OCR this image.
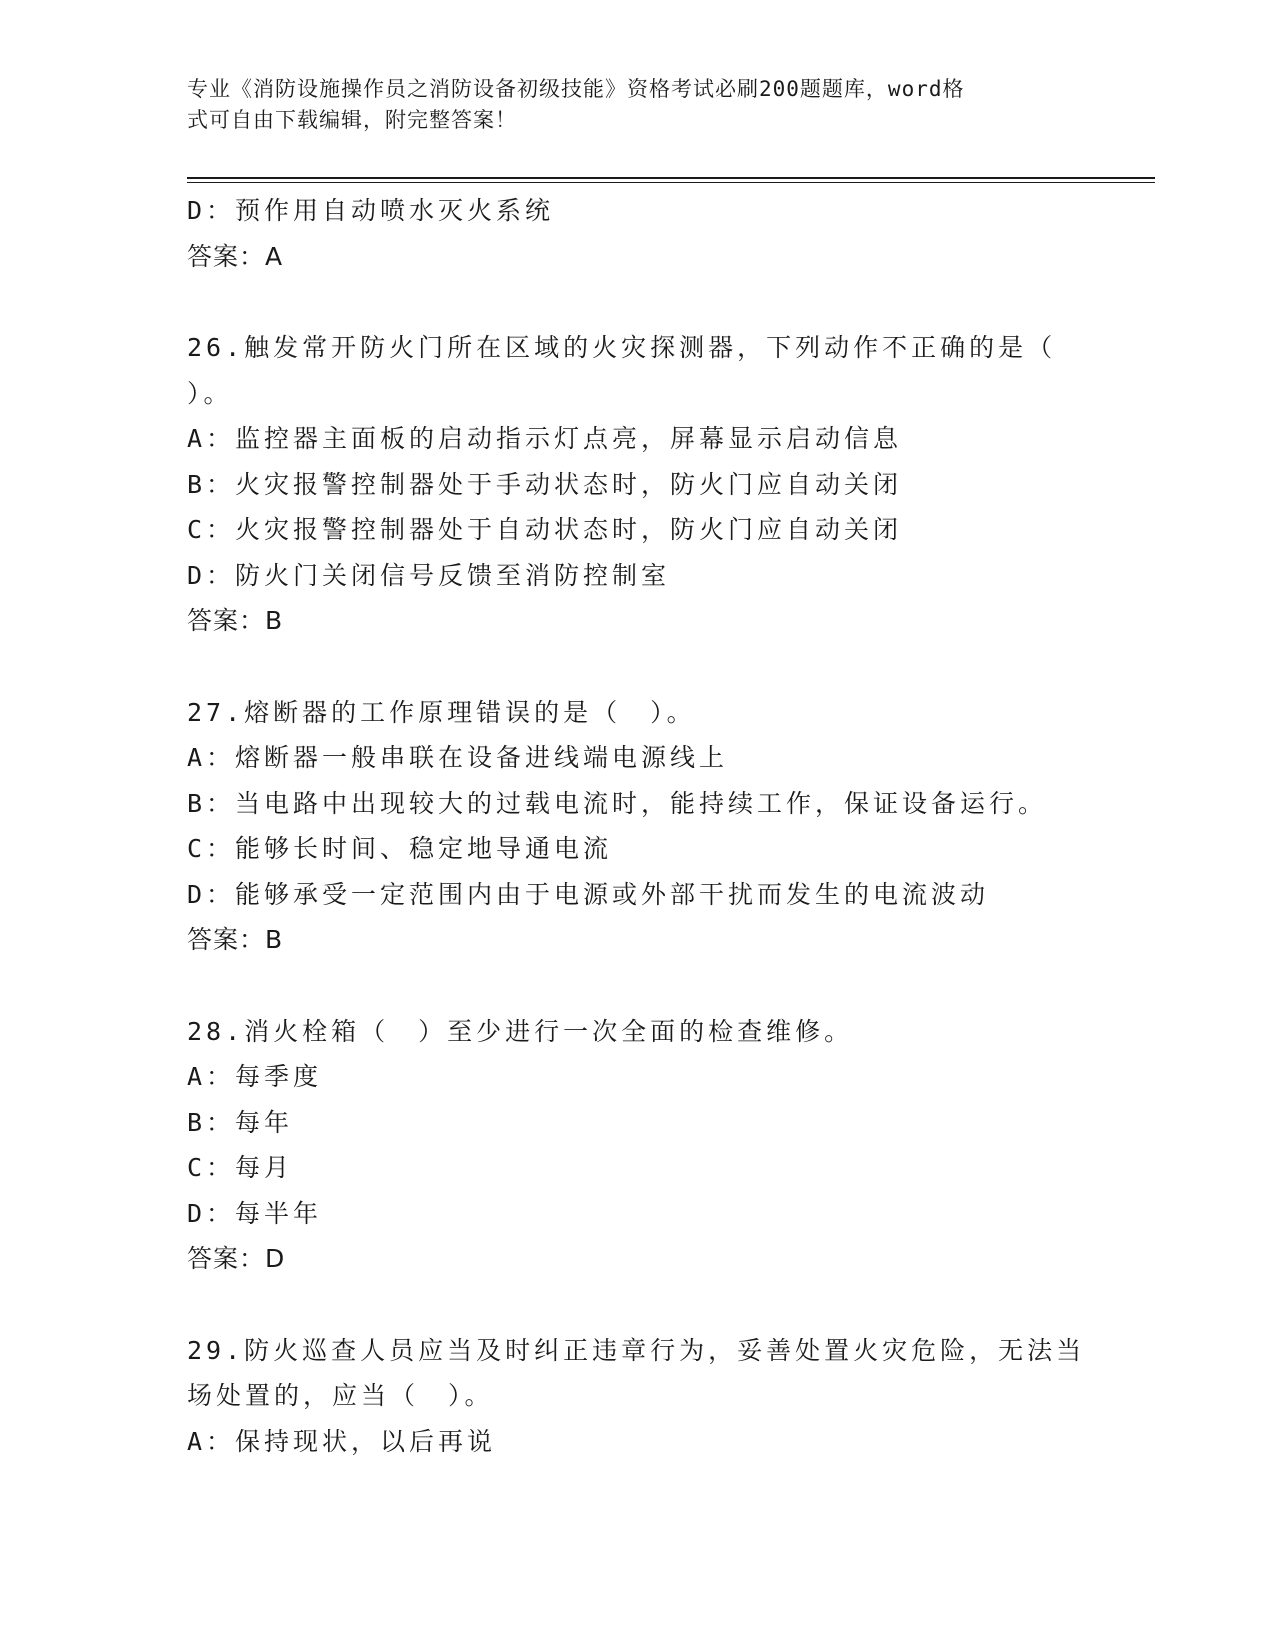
专业《消防设施操作员之消防设备初级技能》资格考试必刷200题题库，word格
式可自由下载编辑，附完整答案！
D：预作用自动喷水灭火系统
答案：A
26.触发常开防火门所在区域的火灾探测器，下列动作不正确的是（
）。
A：监控器主面板的启动指示灯点亮，屏幕显示启动信息
B：火灾报警控制器处于手动状态时，防火门应自动关闭
C：火灾报警控制器处于自动状态时，防火门应自动关闭
D：防火门关闭信号反馈至消防控制室
答案：B
27.熔断器的工作原理错误的是（　）。
A：熔断器一般串联在设备进线端电源线上
B：当电路中出现较大的过载电流时，能持续工作，保证设备运行。
C：能够长时间、稳定地导通电流
D：能够承受一定范围内由于电源或外部干扰而发生的电流波动
答案：B
28.消火栓箱（　）至少进行一次全面的检查维修。
A：每季度
B：每年
C：每月
D：每半年
答案：D
29.防火巡查人员应当及时纠正违章行为，妥善处置火灾危险，无法当
场处置的，应当（　）。
A：保持现状，以后再说
